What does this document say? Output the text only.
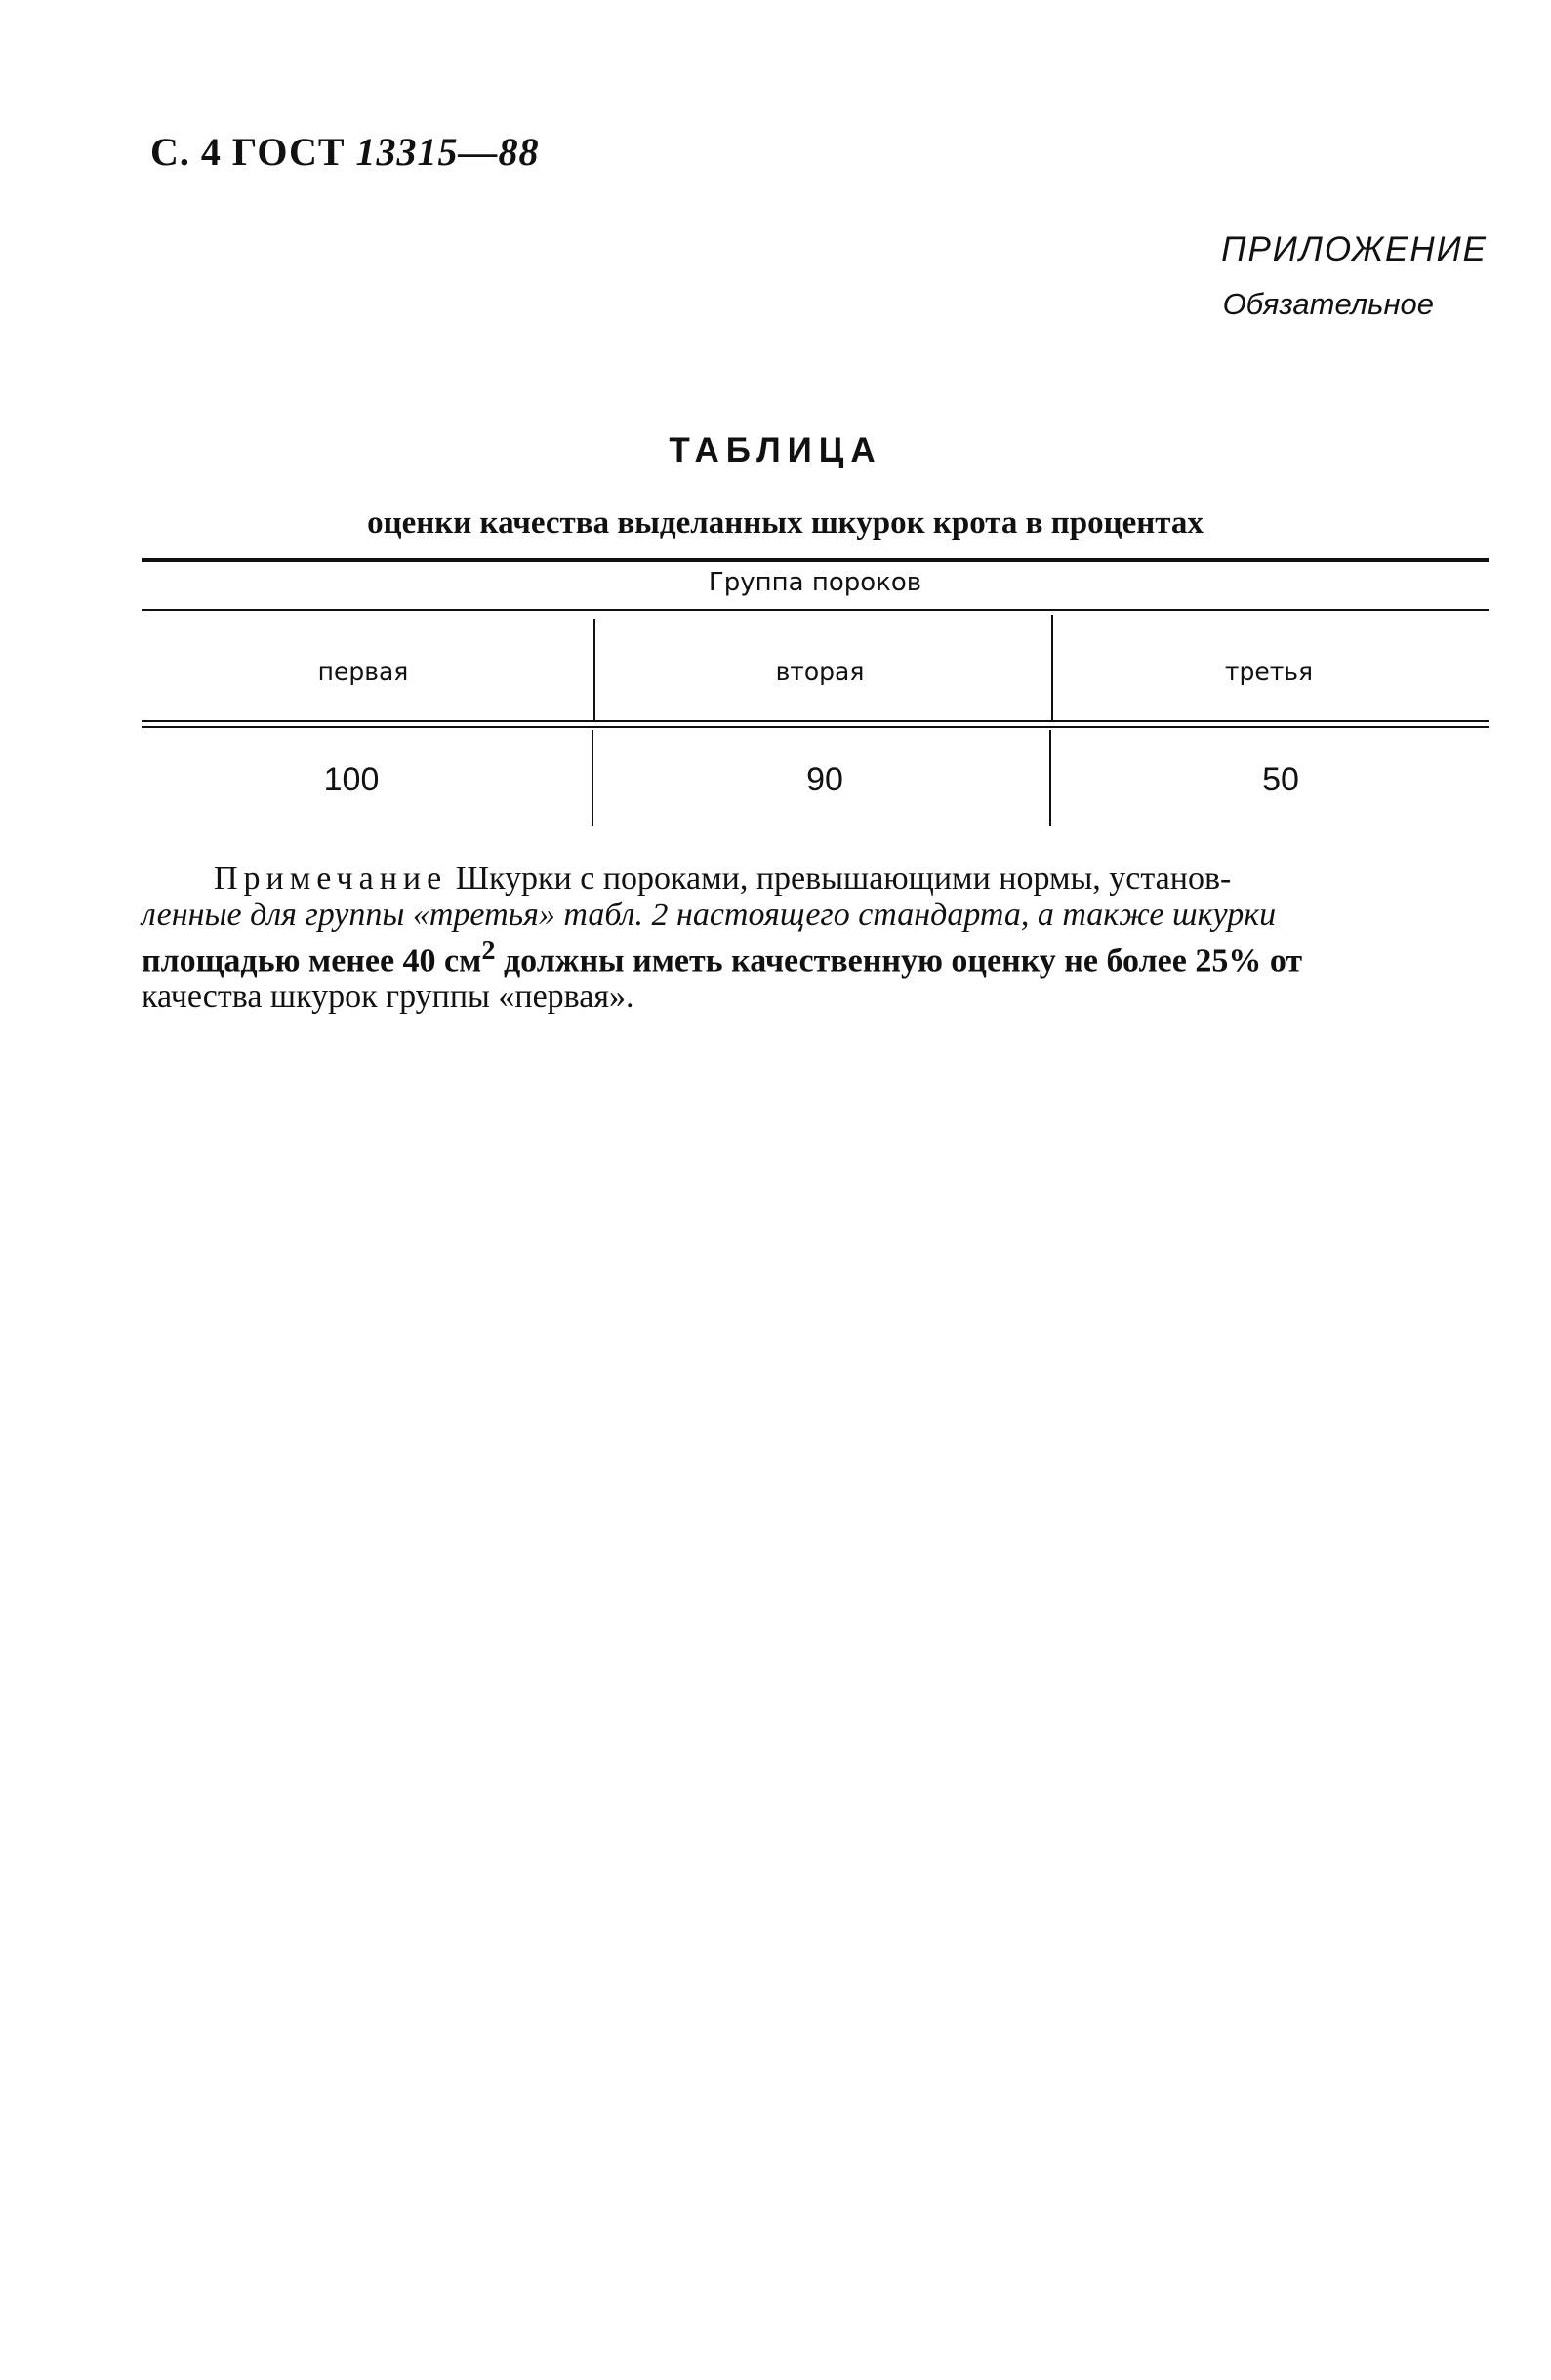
С. 4 ГОСТ 13315—88
ПРИЛОЖЕНИЕ
Обязательное
ТАБЛИЦА
оценки качества выделанных шкурок крота в процентах
Группа пороков
первая	вторая	третья
100	90	50
Примечание Шкурки с пороками, превышающими нормы, установ-
ленные для группы «третья» табл. 2 настоящего стандарта, а также шкурки
площадью менее 40 $см^2$ должны иметь качественную оценку не более 25% от
качества шкурок группы «первая».
